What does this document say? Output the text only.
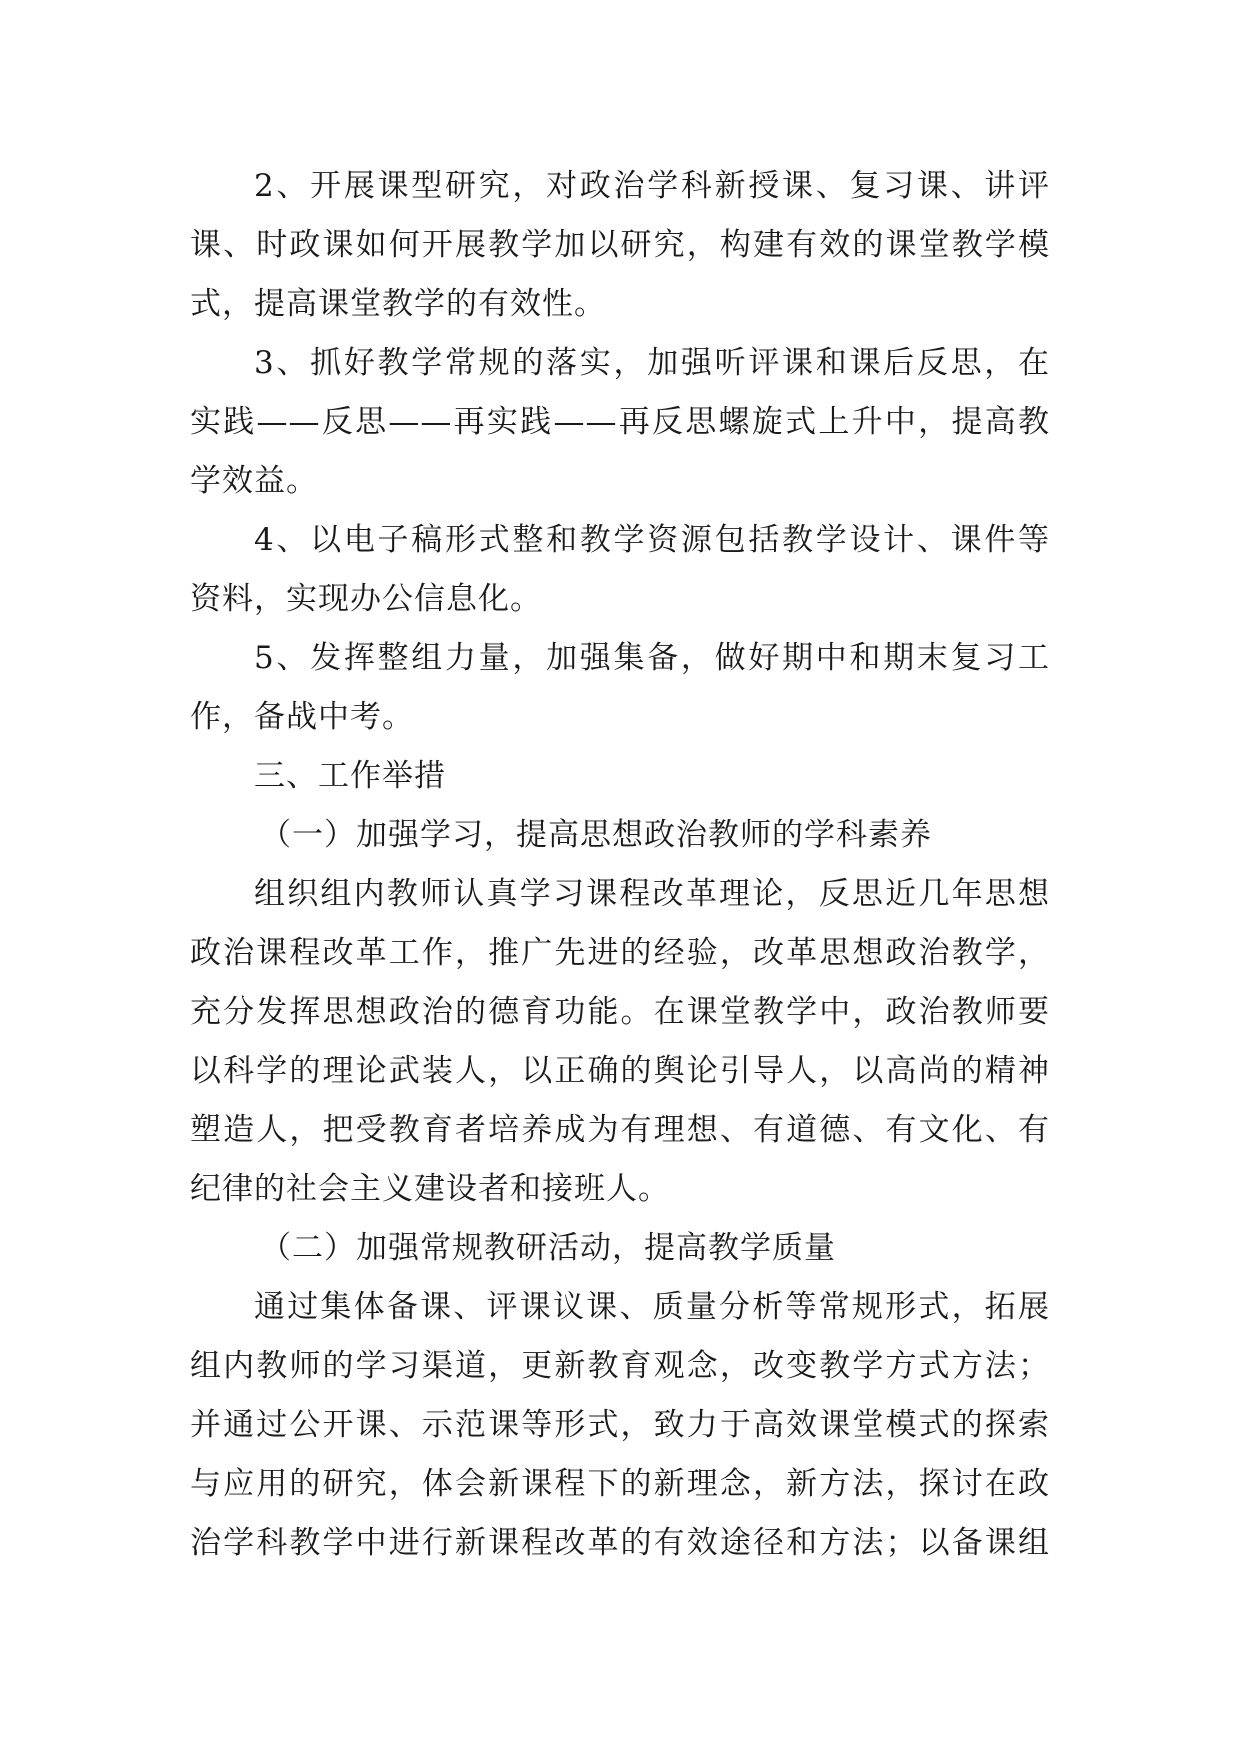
2、开展课型研究，对政治学科新授课、复习课、讲评
课、时政课如何开展教学加以研究，构建有效的课堂教学模
式，提高课堂教学的有效性。
3、抓好教学常规的落实，加强听评课和课后反思，在
实践——反思——再实践——再反思螺旋式上升中，提高教
学效益。
4、以电子稿形式整和教学资源包括教学设计、课件等
资料，实现办公信息化。
5、发挥整组力量，加强集备，做好期中和期末复习工
作，备战中考。
三、工作举措
（一）加强学习，提高思想政治教师的学科素养
组织组内教师认真学习课程改革理论，反思近几年思想
政治课程改革工作，推广先进的经验，改革思想政治教学，
充分发挥思想政治的德育功能。在课堂教学中，政治教师要
以科学的理论武装人，以正确的舆论引导人，以高尚的精神
塑造人，把受教育者培养成为有理想、有道德、有文化、有
纪律的社会主义建设者和接班人。
（二）加强常规教研活动，提高教学质量
通过集体备课、评课议课、质量分析等常规形式，拓展
组内教师的学习渠道，更新教育观念，改变教学方式方法；
并通过公开课、示范课等形式，致力于高效课堂模式的探索
与应用的研究，体会新课程下的新理念，新方法，探讨在政
治学科教学中进行新课程改革的有效途径和方法；以备课组
